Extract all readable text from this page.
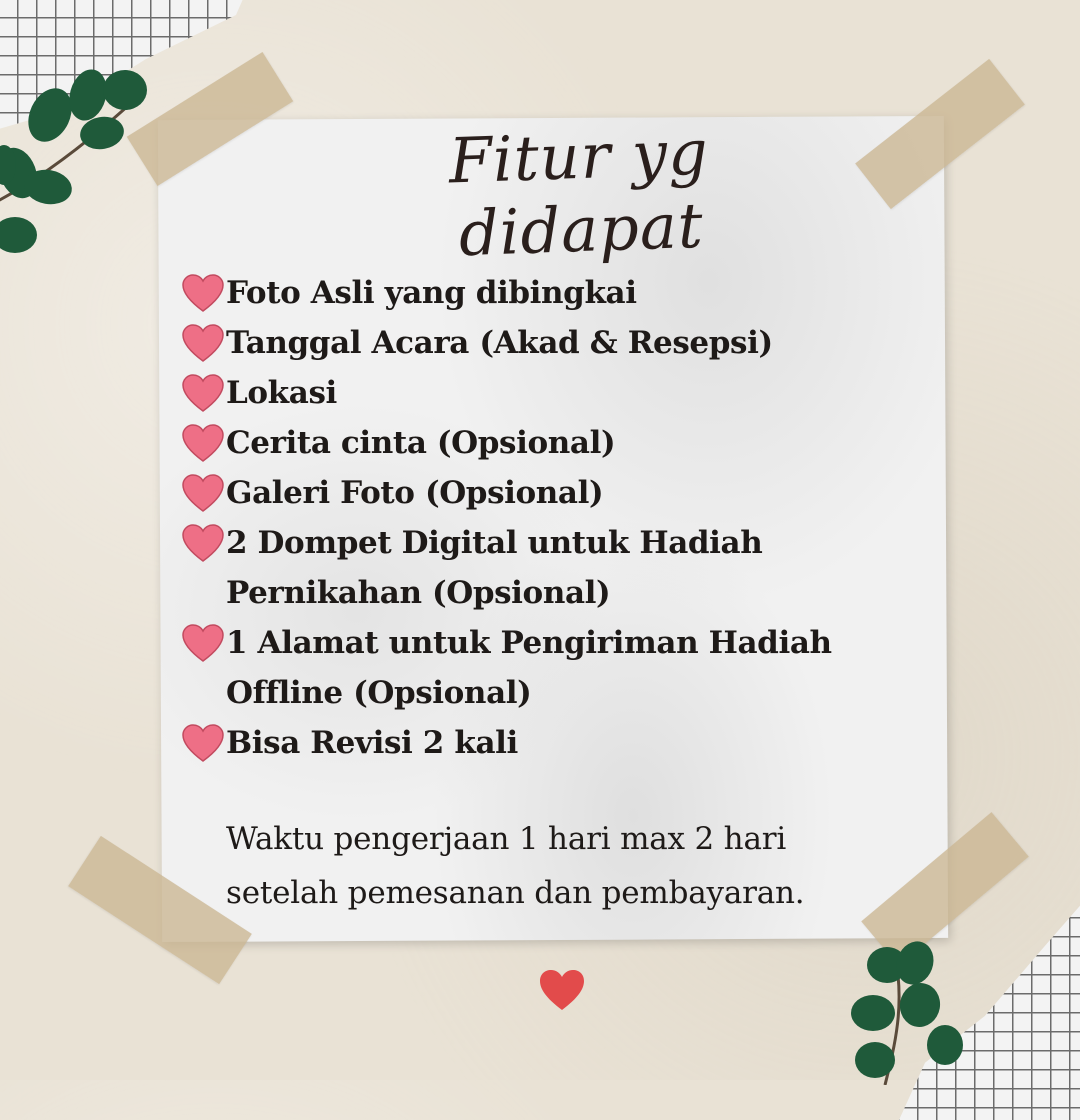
Fitur yg didapat
Foto Asli yang dibingkai
Tanggal Acara (Akad & Resepsi)
Lokasi
Cerita cinta (Opsional)
Galeri Foto (Opsional)
2 Dompet Digital untuk Hadiah Pernikahan (Opsional)
1 Alamat untuk Pengiriman Hadiah Offline (Opsional)
Bisa Revisi 2 kali
Waktu pengerjaan 1 hari max 2 hari
setelah pemesanan dan pembayaran.
